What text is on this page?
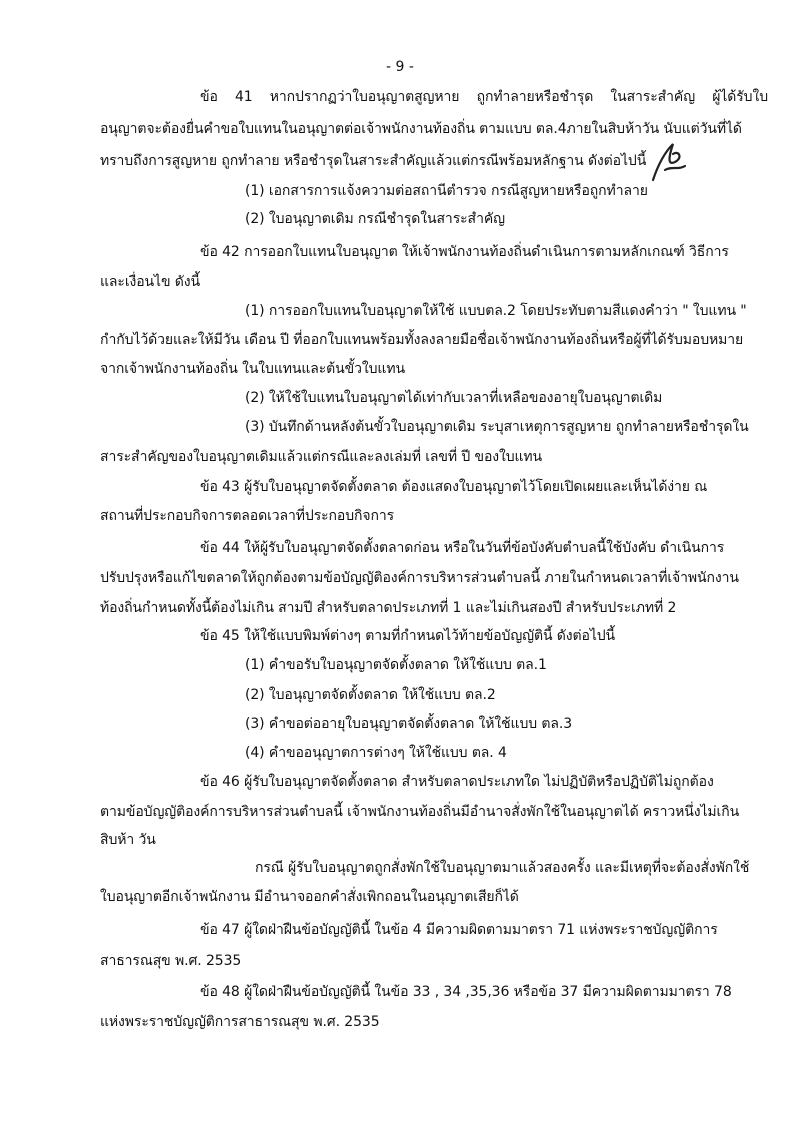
- 9 -
ข้อ 41 หากปรากฏว่าใบอนุญาตสูญหาย ถูกทำลายหรือชำรุด ในสาระสำคัญ ผู้ได้รับใบ
อนุญาตจะต้องยื่นคำขอใบแทนในอนุญาตต่อเจ้าพนักงานท้องถิ่น ตามแบบ ตล.4ภายในสิบห้าวัน นับแต่วันที่ได้
ทราบถึงการสูญหาย ถูกทำลาย หรือชำรุดในสาระสำคัญแล้วแต่กรณีพร้อมหลักฐาน ดังต่อไปนี้
(1) เอกสารการแจ้งความต่อสถานีตำรวจ กรณีสูญหายหรือถูกทำลาย
(2) ใบอนุญาตเดิม กรณีชำรุดในสาระสำคัญ
ข้อ 42 การออกใบแทนใบอนุญาต ให้เจ้าพนักงานท้องถิ่นดำเนินการตามหลักเกณฑ์ วิธีการ
และเงื่อนไข ดังนี้
(1) การออกใบแทนใบอนุญาตให้ใช้ แบบตล.2 โดยประทับตามสีแดงคำว่า " ใบแทน "
กำกับไว้ด้วยและให้มีวัน เดือน ปี ที่ออกใบแทนพร้อมทั้งลงลายมือชื่อเจ้าพนักงานท้องถิ่นหรือผู้ที่ได้รับมอบหมาย
จากเจ้าพนักงานท้องถิ่น ในใบแทนและต้นขั้วใบแทน
(2) ให้ใช้ใบแทนใบอนุญาตได้เท่ากับเวลาที่เหลือของอายุใบอนุญาตเดิม
(3) บันทึกด้านหลังต้นขั้วใบอนุญาตเดิม ระบุสาเหตุการสูญหาย ถูกทำลายหรือชำรุดใน
สาระสำคัญของใบอนุญาตเดิมแล้วแต่กรณีและลงเล่มที่ เลขที่ ปี ของใบแทน
ข้อ 43 ผู้รับใบอนุญาตจัดตั้งตลาด ต้องแสดงใบอนุญาตไว้โดยเปิดเผยและเห็นได้ง่าย ณ
สถานที่ประกอบกิจการตลอดเวลาที่ประกอบกิจการ
ข้อ 44 ให้ผู้รับใบอนุญาตจัดตั้งตลาดก่อน หรือในวันที่ข้อบังคับตำบลนี้ใช้บังคับ ดำเนินการ
ปรับปรุงหรือแก้ไขตลาดให้ถูกต้องตามข้อบัญญัติองค์การบริหารส่วนตำบลนี้ ภายในกำหนดเวลาที่เจ้าพนักงาน
ท้องถิ่นกำหนดทั้งนี้ต้องไม่เกิน สามปี สำหรับตลาดประเภทที่ 1 และไม่เกินสองปี สำหรับประเภทที่ 2
ข้อ 45 ให้ใช้แบบพิมพ์ต่างๆ ตามที่กำหนดไว้ท้ายข้อบัญญัตินี้ ดังต่อไปนี้
(1) คำขอรับใบอนุญาตจัดตั้งตลาด ให้ใช้แบบ ตล.1
(2) ใบอนุญาตจัดตั้งตลาด ให้ใช้แบบ ตล.2
(3) คำขอต่ออายุใบอนุญาตจัดตั้งตลาด ให้ใช้แบบ ตล.3
(4) คำขออนุญาตการต่างๆ ให้ใช้แบบ ตล. 4
ข้อ 46 ผู้รับใบอนุญาตจัดตั้งตลาด สำหรับตลาดประเภทใด ไม่ปฏิบัติหรือปฏิบัติไม่ถูกต้อง
ตามข้อบัญญัติองค์การบริหารส่วนตำบลนี้ เจ้าพนักงานท้องถิ่นมีอำนาจสั่งพักใช้ในอนุญาตได้ คราวหนึ่งไม่เกิน
สิบห้า วัน
กรณี ผู้รับใบอนุญาตถูกสั่งพักใช้ใบอนุญาตมาแล้วสองครั้ง และมีเหตุที่จะต้องสั่งพักใช้
ใบอนุญาตอีกเจ้าพนักงาน มีอำนาจออกคำสั่งเพิกถอนในอนุญาตเสียก็ได้
ข้อ 47 ผู้ใดฝ่าฝืนข้อบัญญัตินี้ ในข้อ 4 มีความผิดตามมาตรา 71 แห่งพระราชบัญญัติการ
สาธารณสุข พ.ศ. 2535
ข้อ 48 ผู้ใดฝ่าฝืนข้อบัญญัตินี้ ในข้อ 33 , 34 ,35,36 หรือข้อ 37 มีความผิดตามมาตรา 78
แห่งพระราชบัญญัติการสาธารณสุข พ.ศ. 2535
